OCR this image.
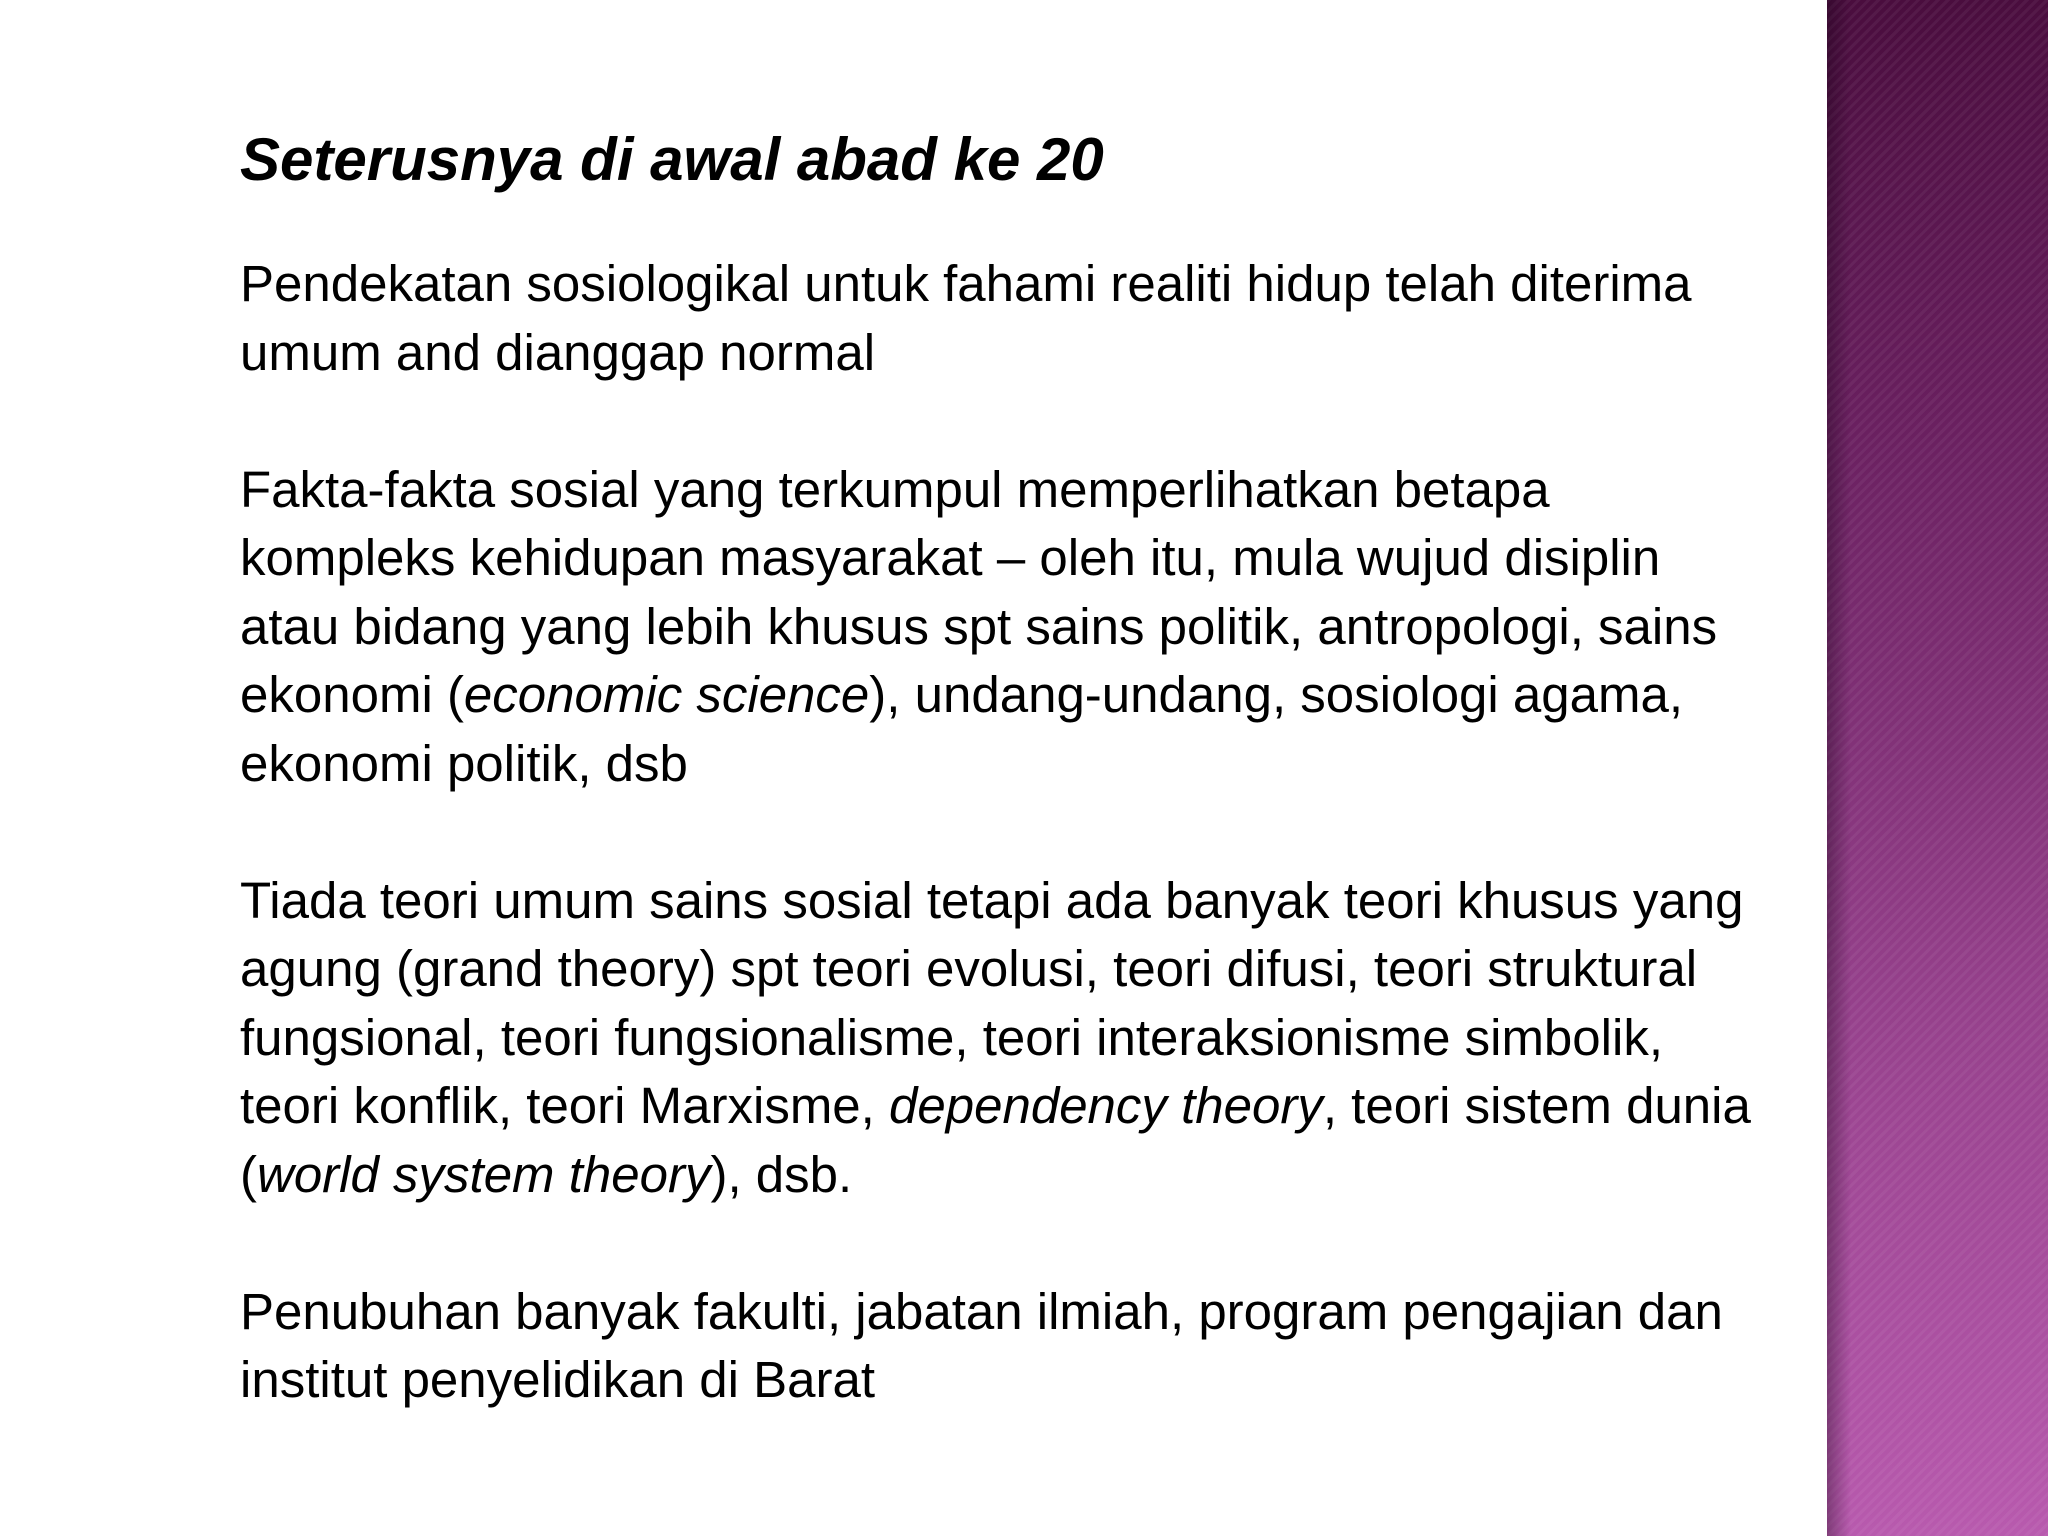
Seterusnya di awal abad ke 20

Pendekatan sosiologikal untuk fahami realiti hidup telah diterima
umum and dianggap normal

Fakta-fakta sosial yang terkumpul memperlihatkan betapa
kompleks kehidupan masyarakat – oleh itu, mula wujud disiplin
atau bidang yang lebih khusus spt sains politik, antropologi, sains
ekonomi (economic science), undang-undang, sosiologi agama,
ekonomi politik, dsb

Tiada teori umum sains sosial tetapi ada banyak teori khusus yang
agung (grand theory) spt teori evolusi, teori difusi, teori struktural
fungsional, teori fungsionalisme, teori interaksionisme simbolik,
teori konflik, teori Marxisme, dependency theory, teori sistem dunia
(world system theory), dsb.

Penubuhan banyak fakulti, jabatan ilmiah, program pengajian dan
institut penyelidikan di Barat
